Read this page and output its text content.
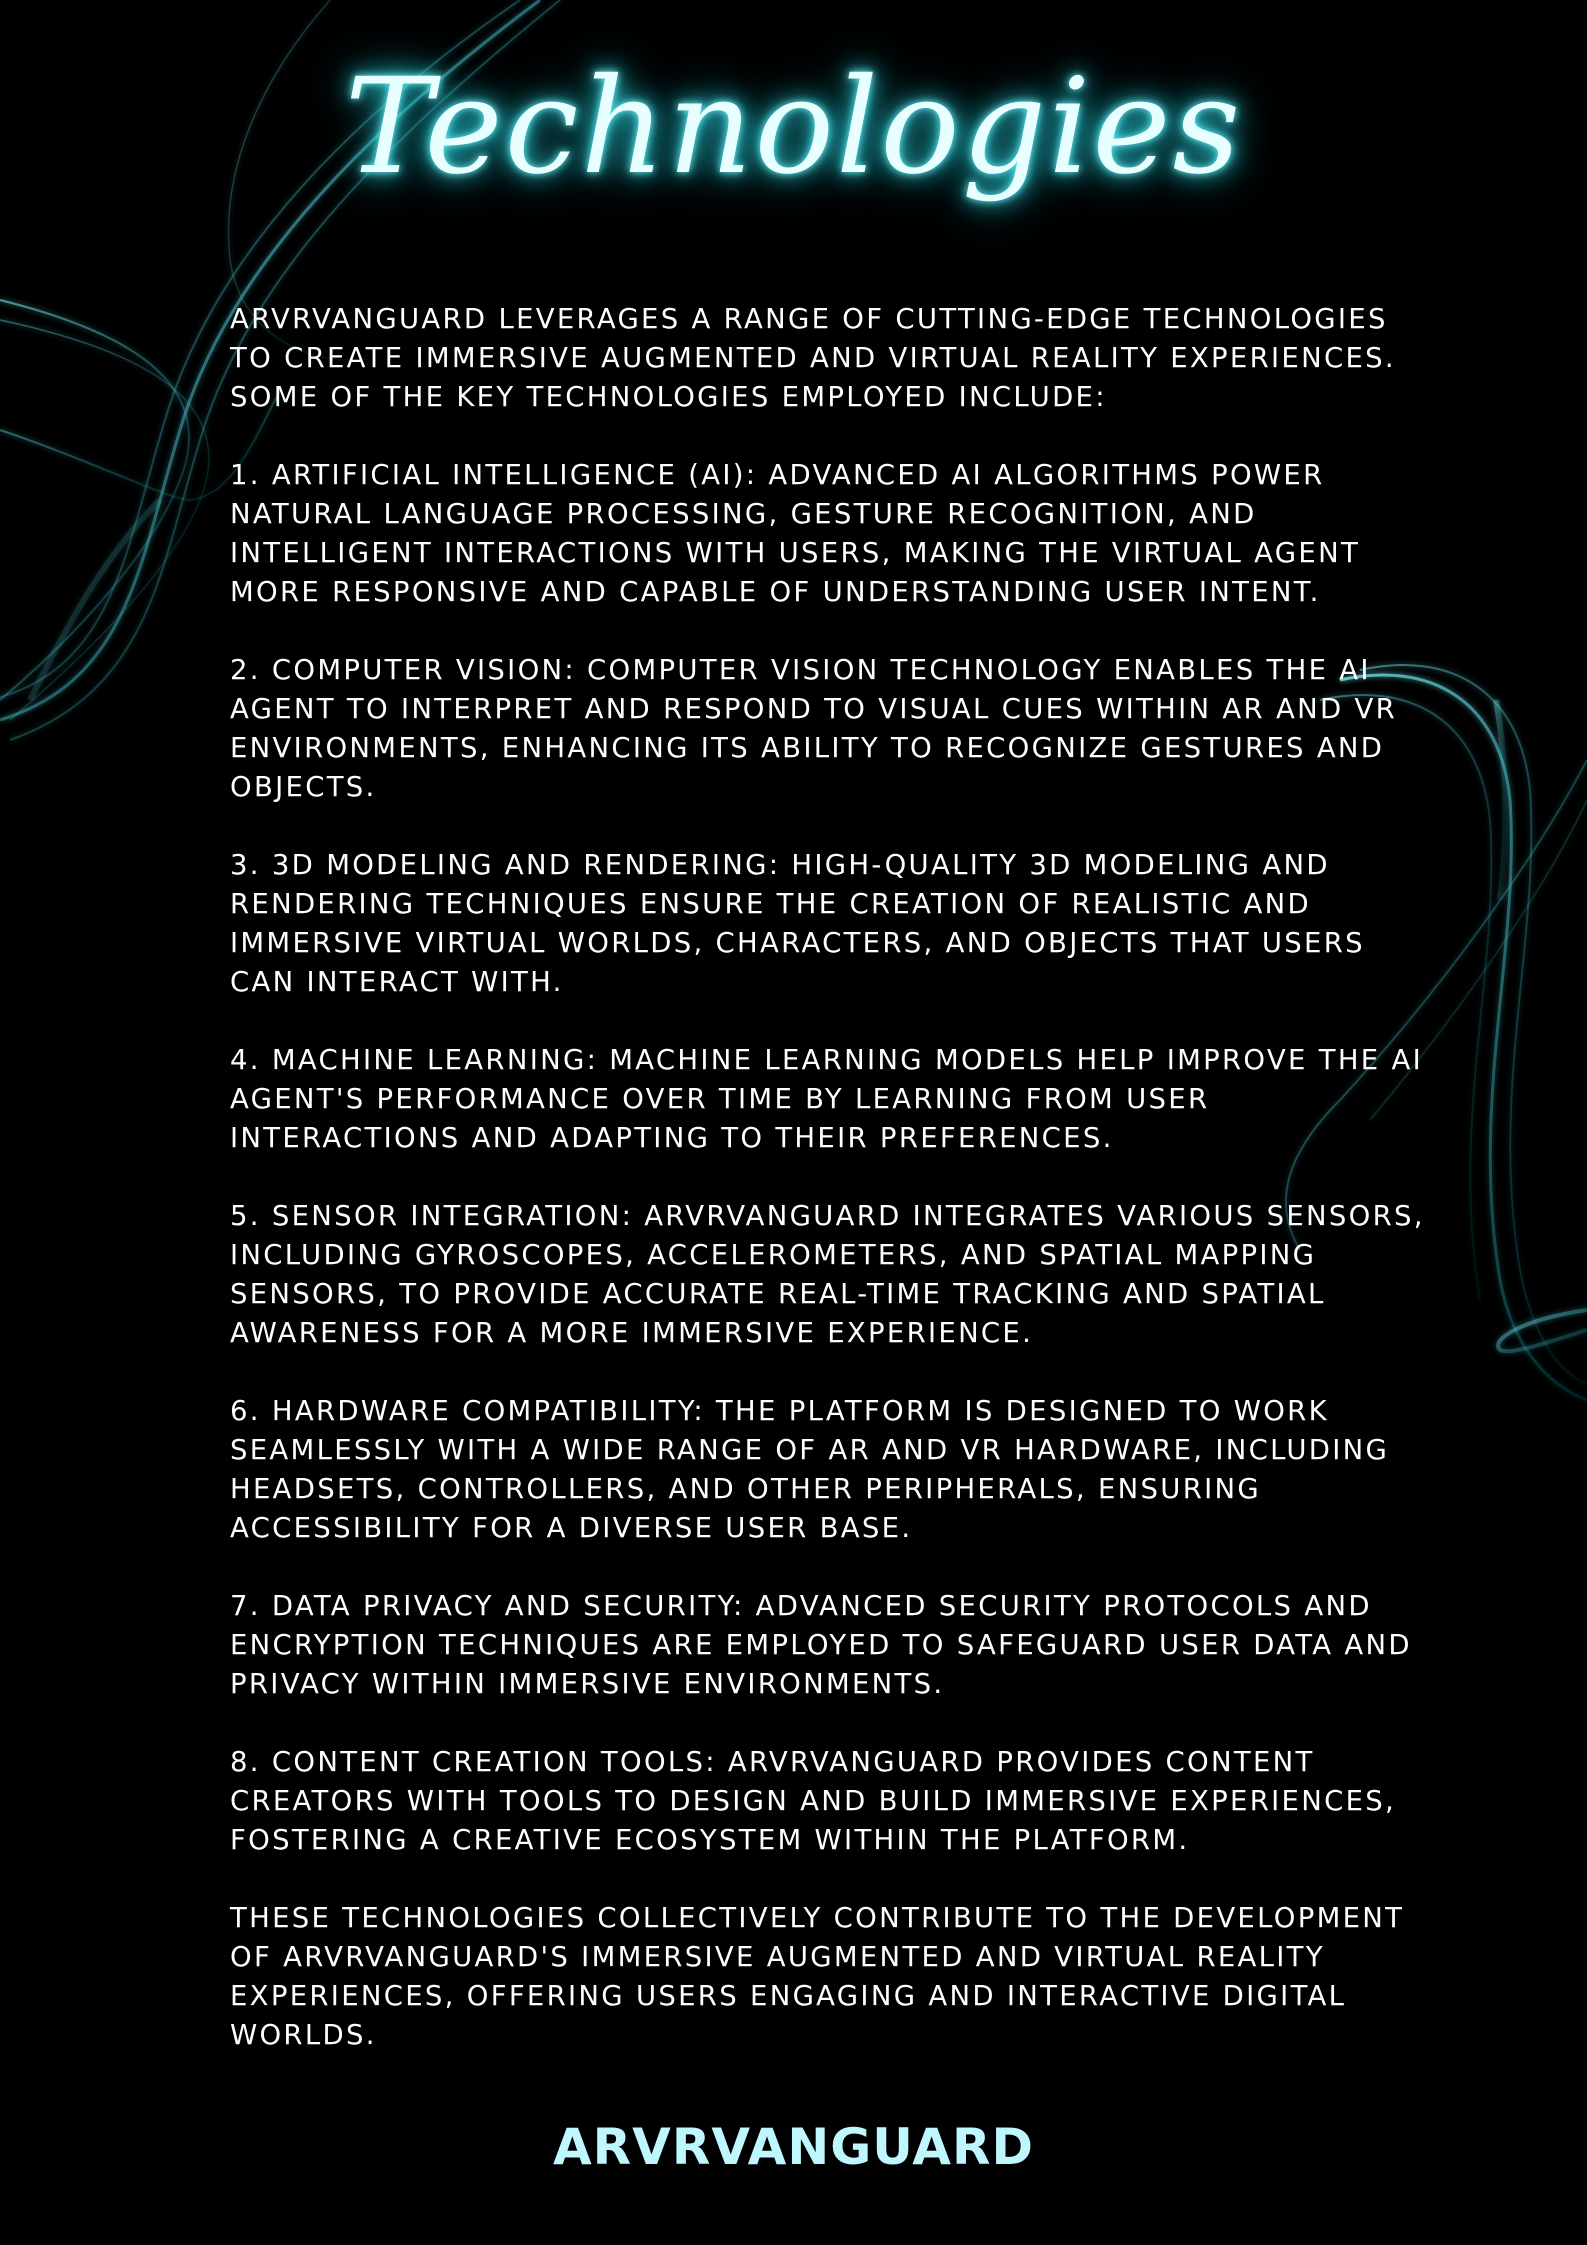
Technologies

ARVRVANGUARD LEVERAGES A RANGE OF CUTTING-EDGE TECHNOLOGIES TO CREATE IMMERSIVE AUGMENTED AND VIRTUAL REALITY EXPERIENCES. SOME OF THE KEY TECHNOLOGIES EMPLOYED INCLUDE:

1. ARTIFICIAL INTELLIGENCE (AI): ADVANCED AI ALGORITHMS POWER NATURAL LANGUAGE PROCESSING, GESTURE RECOGNITION, AND INTELLIGENT INTERACTIONS WITH USERS, MAKING THE VIRTUAL AGENT MORE RESPONSIVE AND CAPABLE OF UNDERSTANDING USER INTENT.

2. COMPUTER VISION: COMPUTER VISION TECHNOLOGY ENABLES THE AI AGENT TO INTERPRET AND RESPOND TO VISUAL CUES WITHIN AR AND VR ENVIRONMENTS, ENHANCING ITS ABILITY TO RECOGNIZE GESTURES AND OBJECTS.

3. 3D MODELING AND RENDERING: HIGH-QUALITY 3D MODELING AND RENDERING TECHNIQUES ENSURE THE CREATION OF REALISTIC AND IMMERSIVE VIRTUAL WORLDS, CHARACTERS, AND OBJECTS THAT USERS CAN INTERACT WITH.

4. MACHINE LEARNING: MACHINE LEARNING MODELS HELP IMPROVE THE AI AGENT'S PERFORMANCE OVER TIME BY LEARNING FROM USER INTERACTIONS AND ADAPTING TO THEIR PREFERENCES.

5. SENSOR INTEGRATION: ARVRVANGUARD INTEGRATES VARIOUS SENSORS, INCLUDING GYROSCOPES, ACCELEROMETERS, AND SPATIAL MAPPING SENSORS, TO PROVIDE ACCURATE REAL-TIME TRACKING AND SPATIAL AWARENESS FOR A MORE IMMERSIVE EXPERIENCE.

6. HARDWARE COMPATIBILITY: THE PLATFORM IS DESIGNED TO WORK SEAMLESSLY WITH A WIDE RANGE OF AR AND VR HARDWARE, INCLUDING HEADSETS, CONTROLLERS, AND OTHER PERIPHERALS, ENSURING ACCESSIBILITY FOR A DIVERSE USER BASE.

7. DATA PRIVACY AND SECURITY: ADVANCED SECURITY PROTOCOLS AND ENCRYPTION TECHNIQUES ARE EMPLOYED TO SAFEGUARD USER DATA AND PRIVACY WITHIN IMMERSIVE ENVIRONMENTS.

8. CONTENT CREATION TOOLS: ARVRVANGUARD PROVIDES CONTENT CREATORS WITH TOOLS TO DESIGN AND BUILD IMMERSIVE EXPERIENCES, FOSTERING A CREATIVE ECOSYSTEM WITHIN THE PLATFORM.

THESE TECHNOLOGIES COLLECTIVELY CONTRIBUTE TO THE DEVELOPMENT OF ARVRVANGUARD'S IMMERSIVE AUGMENTED AND VIRTUAL REALITY EXPERIENCES, OFFERING USERS ENGAGING AND INTERACTIVE DIGITAL WORLDS.

ARVRVANGUARD
